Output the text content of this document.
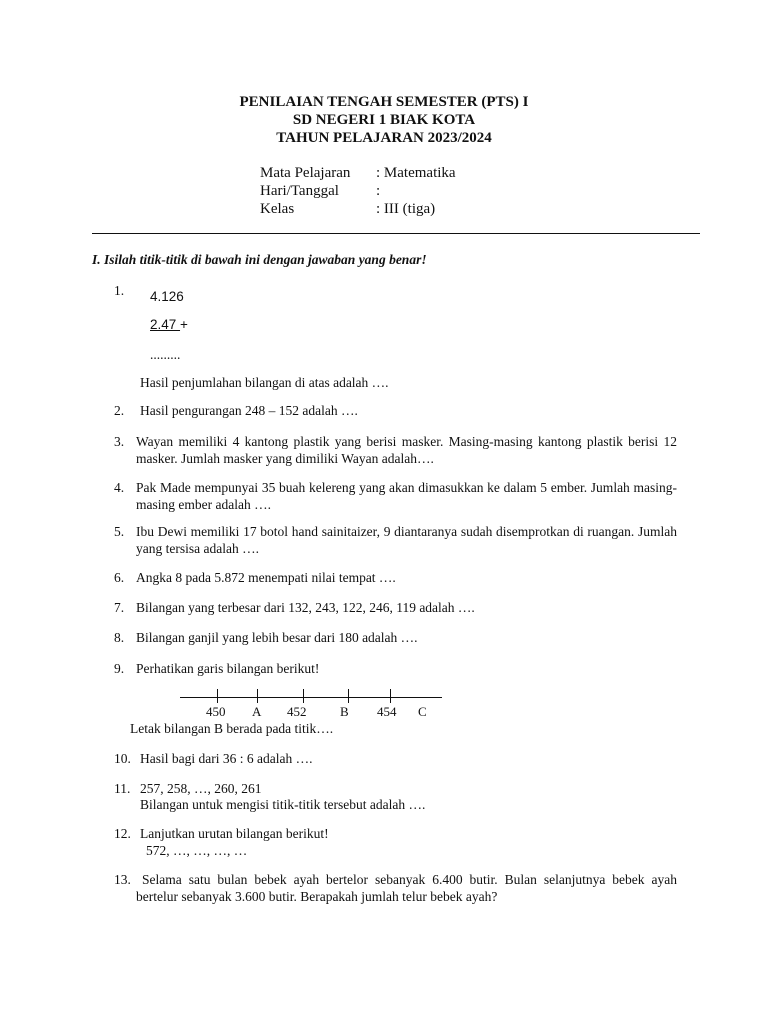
PENILAIAN TENGAH SEMESTER (PTS) I
SD NEGERI 1 BIAK KOTA
TAHUN PELAJARAN 2023/2024
Mata Pelajaran : Matematika
Hari/Tanggal :
Kelas	: III (tiga)
I. Isilah titik-titik di bawah ini dengan jawaban yang benar!
1. 4.126
2.47 +
.........
Hasil penjumlahan bilangan di atas adalah ….
2. Hasil pengurangan 248 – 152 adalah ….
3. Wayan memiliki 4 kantong plastik yang berisi masker. Masing-masing kantong plastik berisi 12 masker. Jumlah masker yang dimiliki Wayan adalah….
4. Pak Made mempunyai 35 buah kelereng yang akan dimasukkan ke dalam 5 ember. Jumlah masing-masing ember adalah ….
5. Ibu Dewi memiliki 17 botol hand sainitaizer, 9 diantaranya sudah disemprotkan di ruangan. Jumlah yang tersisa adalah ….
6. Angka 8 pada 5.872 menempati nilai tempat ….
7. Bilangan yang terbesar dari 132, 243, 122, 246, 119 adalah ….
8. Bilangan ganjil yang lebih besar dari 180 adalah ….
9. Perhatikan garis bilangan berikut!
450 A 452	B 454 C
Letak bilangan B berada pada titik….
10. Hasil bagi dari 36 : 6 adalah ….
11. 257, 258, …, 260, 261
Bilangan untuk mengisi titik-titik tersebut adalah ….
12. Lanjutkan urutan bilangan berikut!
572, …, …, …, …
13. Selama satu bulan bebek ayah bertelor sebanyak 6.400 butir. Bulan selanjutnya bebek ayah bertelur sebanyak 3.600 butir. Berapakah jumlah telur bebek ayah?
